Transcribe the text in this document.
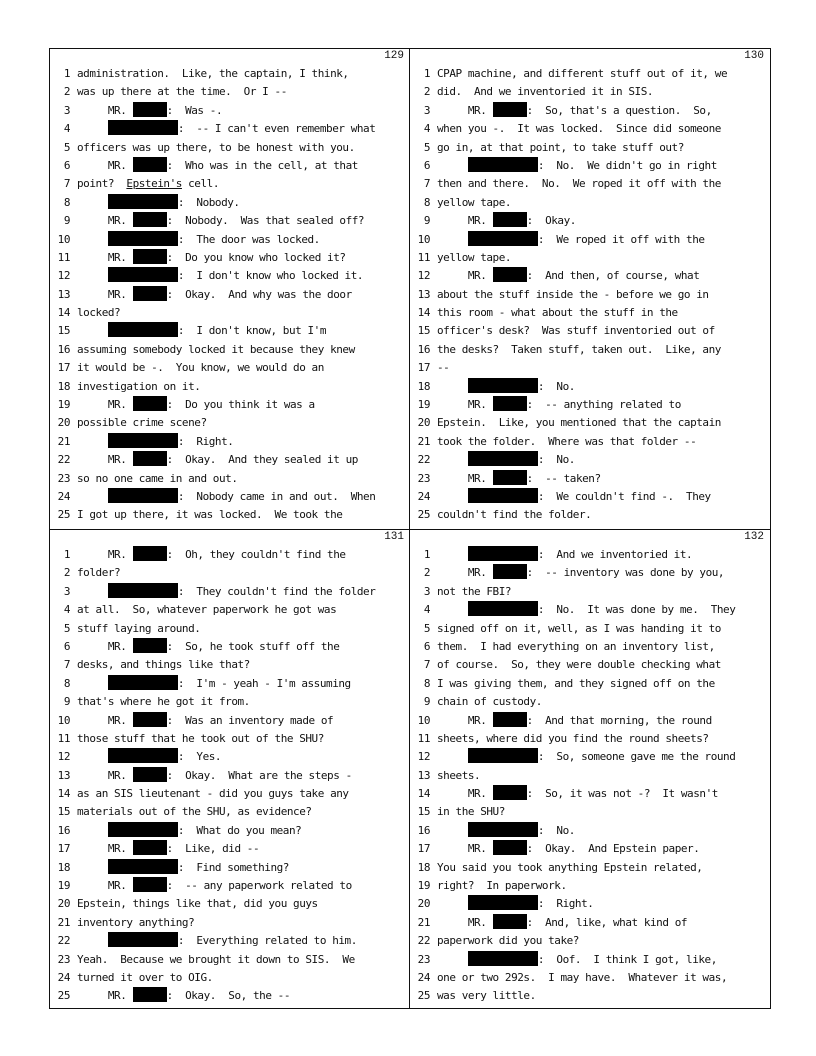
129
1 administration.  Like, the captain, I think,
2 was up there at the time.  Or I --
3 MR.	:  Was -.
4	:  -- I can't even remember what
5 officers was up there, to be honest with you.
6 MR.	:  Who was in the cell, at that
7 point?  Epstein's cell.
8	:  Nobody.
9 MR.	:  Nobody.  Was that sealed off?
10	:  The door was locked.
11 MR.	:  Do you know who locked it?
12	:  I don't know who locked it.
13 MR.	:  Okay.  And why was the door
14 locked?
15	:  I don't know, but I'm
16 assuming somebody locked it because they knew
17 it would be -.  You know, we would do an
18 investigation on it.
19 MR.	:  Do you think it was a
20 possible crime scene?
21	:  Right.
22 MR.	:  Okay.  And they sealed it up
23 so no one came in and out.
24	:  Nobody came in and out.  When
25 I got up there, it was locked.  We took the
130
1 CPAP machine, and different stuff out of it, we
2 did.  And we inventoried it in SIS.
3 MR.	:  So, that's a question.  So,
4 when you -.  It was locked.  Since did someone
5 go in, at that point, to take stuff out?
6	:  No.  We didn't go in right
7 then and there.  No.  We roped it off with the
8 yellow tape.
9 MR.	:  Okay.
10	:  We roped it off with the
11 yellow tape.
12 MR.	:  And then, of course, what
13 about the stuff inside the - before we go in
14 this room - what about the stuff in the
15 officer's desk?  Was stuff inventoried out of
16 the desks?  Taken stuff, taken out.  Like, any
17 --
18	:  No.
19 MR.	:  -- anything related to
20 Epstein.  Like, you mentioned that the captain
21 took the folder.  Where was that folder --
22	:  No.
23 MR.	:  -- taken?
24	:  We couldn't find -.  They
25 couldn't find the folder.
131
1 MR.	:  Oh, they couldn't find the
2 folder?
3	:  They couldn't find the folder
4 at all.  So, whatever paperwork he got was
5 stuff laying around.
6 MR.	:  So, he took stuff off the
7 desks, and things like that?
8	:  I'm - yeah - I'm assuming
9 that's where he got it from.
10 MR.	:  Was an inventory made of
11 those stuff that he took out of the SHU?
12	:  Yes.
13 MR.	:  Okay.  What are the steps -
14 as an SIS lieutenant - did you guys take any
15 materials out of the SHU, as evidence?
16	:  What do you mean?
17 MR.	:  Like, did --
18	:  Find something?
19 MR.	:  -- any paperwork related to
20 Epstein, things like that, did you guys
21 inventory anything?
22	:  Everything related to him.
23 Yeah.  Because we brought it down to SIS.  We
24 turned it over to OIG.
25 MR.	:  Okay.  So, the --
132
1	:  And we inventoried it.
2 MR.	:  -- inventory was done by you,
3 not the FBI?
4	:  No.  It was done by me.  They
5 signed off on it, well, as I was handing it to
6 them.  I had everything on an inventory list,
7 of course.  So, they were double checking what
8 I was giving them, and they signed off on the
9 chain of custody.
10 MR.	:  And that morning, the round
11 sheets, where did you find the round sheets?
12	:  So, someone gave me the round
13 sheets.
14 MR.	:  So, it was not -?  It wasn't
15 in the SHU?
16	:  No.
17 MR.	:  Okay.  And Epstein paper.
18 You said you took anything Epstein related,
19 right?  In paperwork.
20	:  Right.
21 MR.	:  And, like, what kind of
22 paperwork did you take?
23	:  Oof.  I think I got, like,
24 one or two 292s.  I may have.  Whatever it was,
25 was very little.
